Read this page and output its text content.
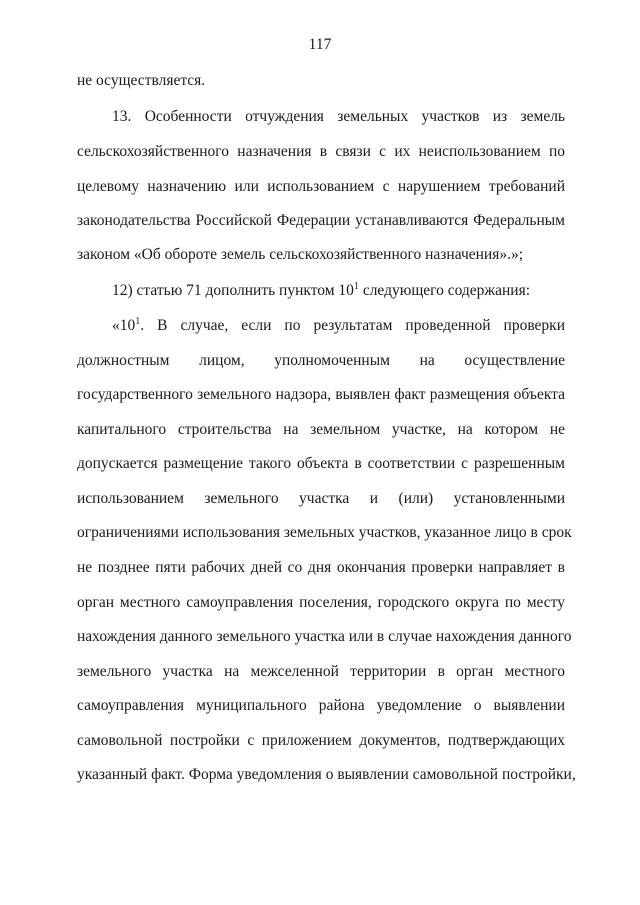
117
не осуществляется.
13. Особенности отчуждения земельных участков из земель
сельскохозяйственного назначения в связи с их неиспользованием по
целевому назначению или использованием с нарушением требований
законодательства Российской Федерации устанавливаются Федеральным
законом «Об обороте земель сельскохозяйственного назначения».»;
12) статью 71 дополнить пунктом $10^1$ следующего содержания:
«$10^1$. В случае, если по результатам проведенной проверки
должностным лицом, уполномоченным на осуществление
государственного земельного надзора, выявлен факт размещения объекта
капитального строительства на земельном участке, на котором не
допускается размещение такого объекта в соответствии с разрешенным
использованием земельного участка и (или) установленными
ограничениями использования земельных участков, указанное лицо в срок
не позднее пяти рабочих дней со дня окончания проверки направляет в
орган местного самоуправления поселения, городского округа по месту
нахождения данного земельного участка или в случае нахождения данного
земельного участка на межселенной территории в орган местного
самоуправления муниципального района уведомление о выявлении
самовольной постройки с приложением документов, подтверждающих
указанный факт. Форма уведомления о выявлении самовольной постройки,
